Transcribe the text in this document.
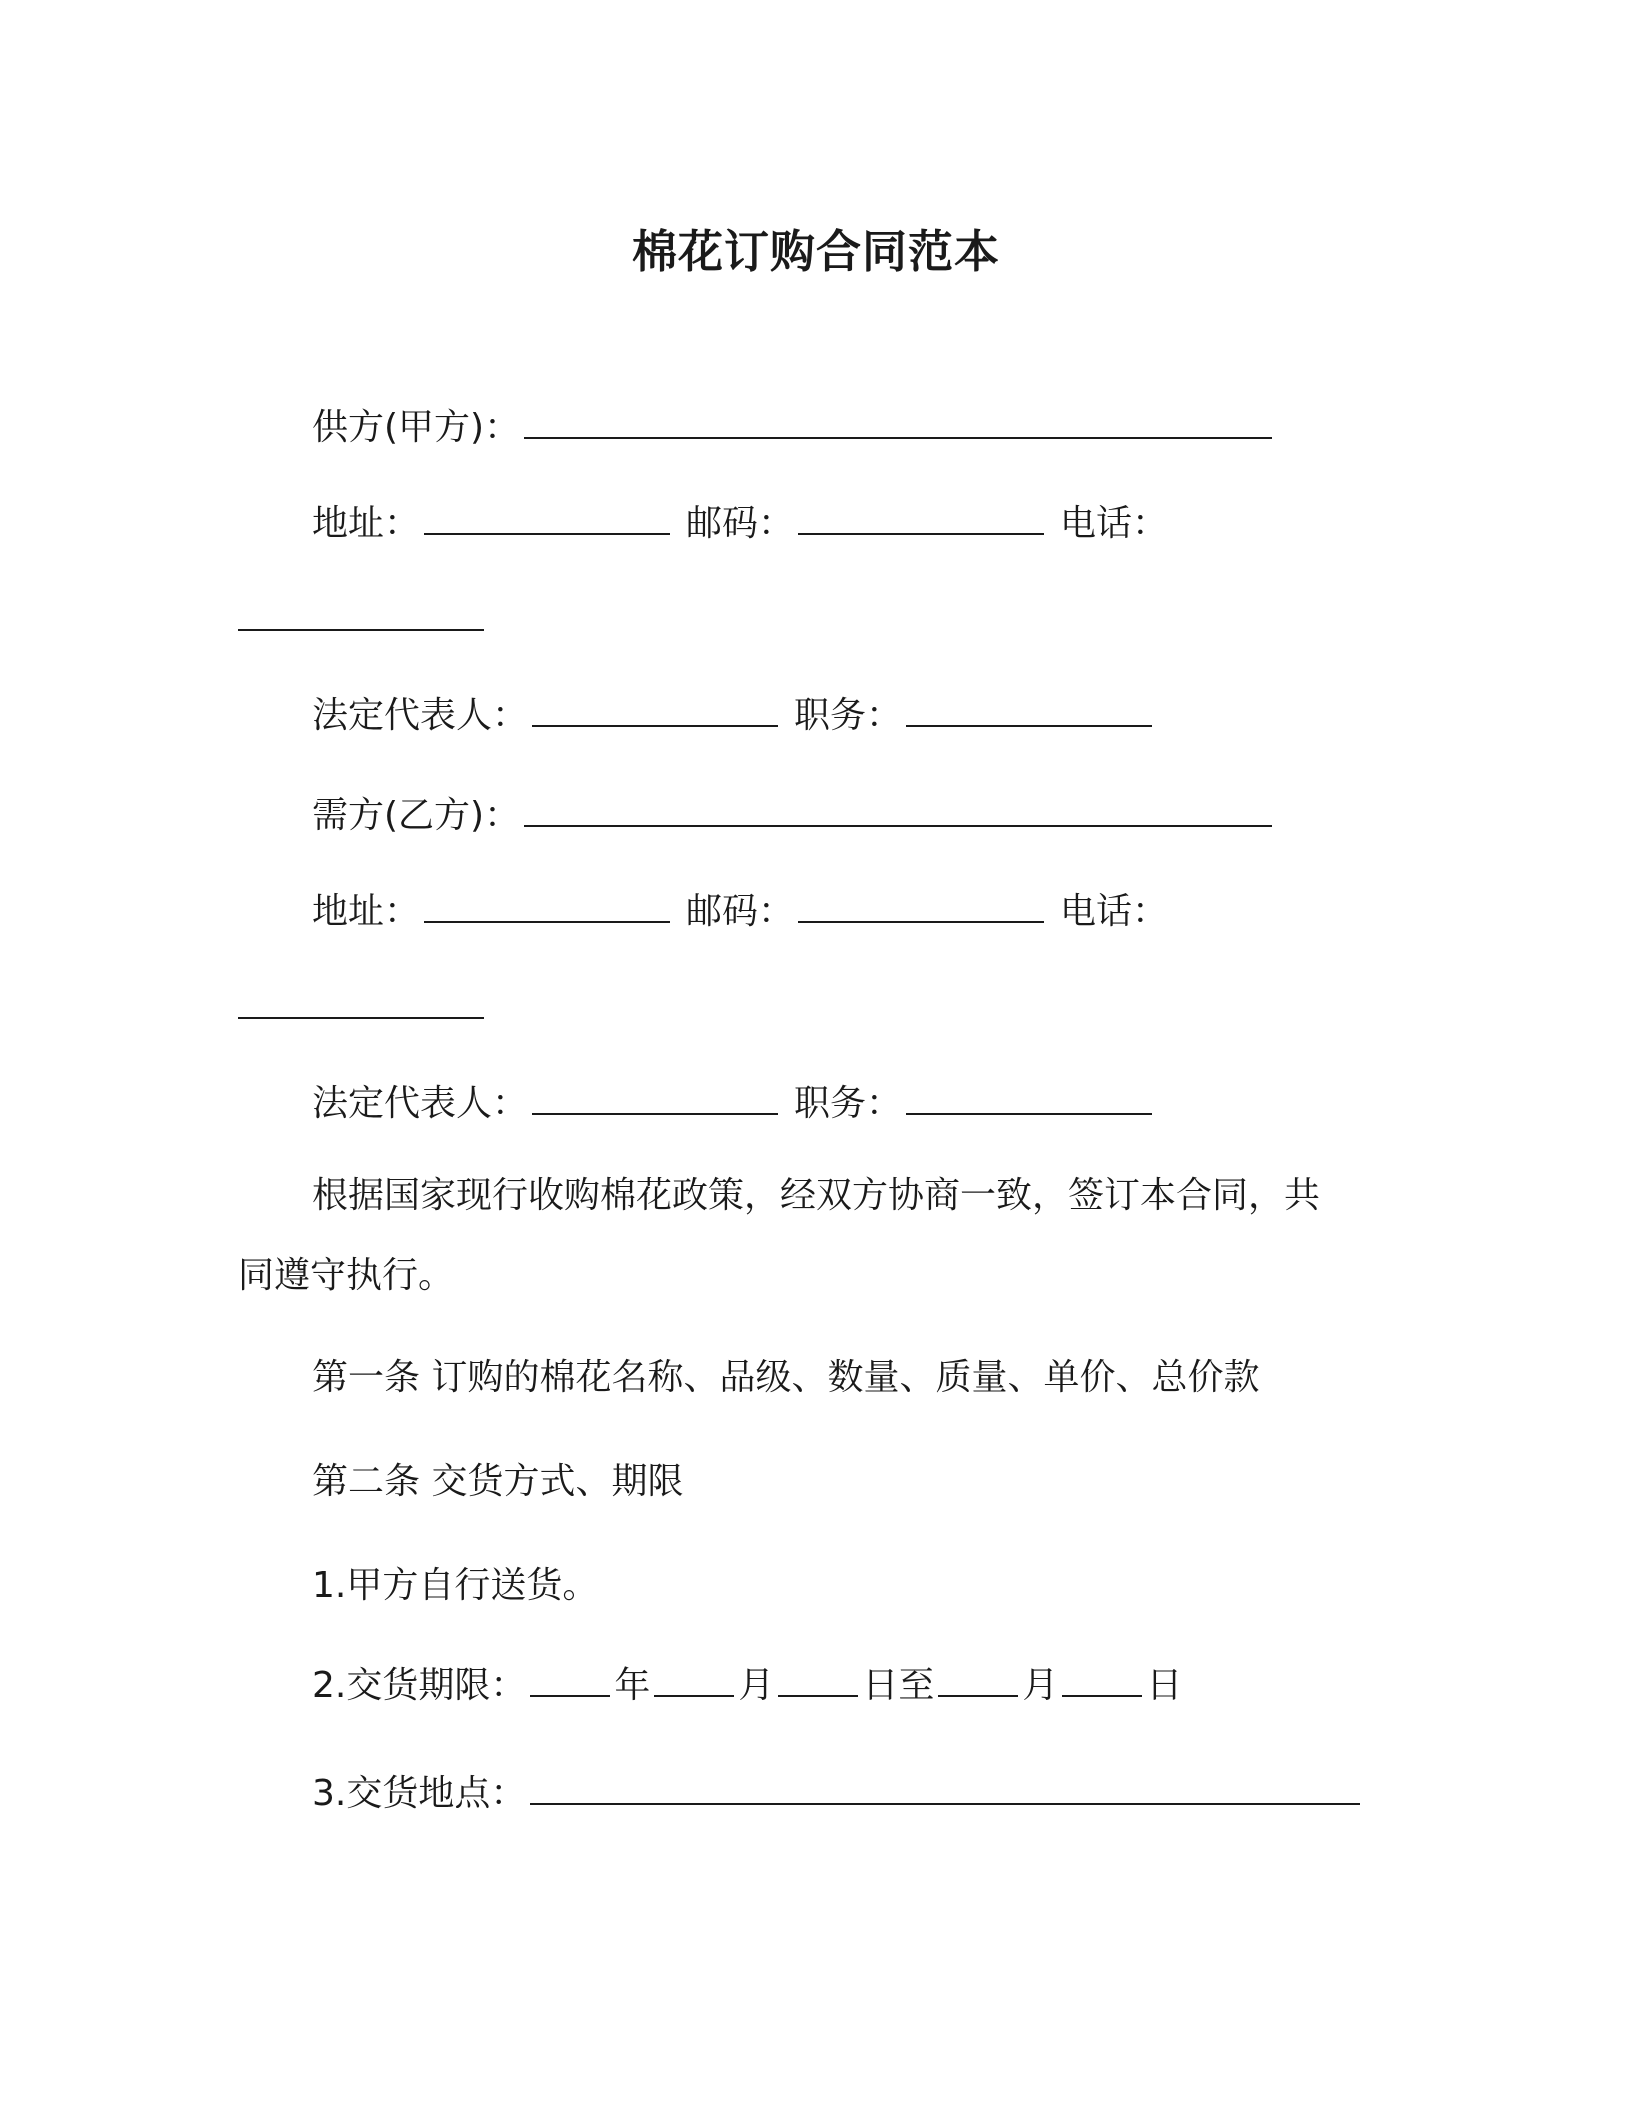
棉花订购合同范本
供方(甲方)：
地址：	邮码：	电话：
法定代表人：	职务：
需方(乙方)：
地址：	邮码：	电话：
法定代表人：	职务：
根据国家现行收购棉花政策，经双方协商一致，签订本合同，共
同遵守执行。
第一条 订购的棉花名称、品级、数量、质量、单价、总价款
第二条 交货方式、期限
1.甲方自行送货。
2.交货期限： 年 月 日至 月 日
3.交货地点：
